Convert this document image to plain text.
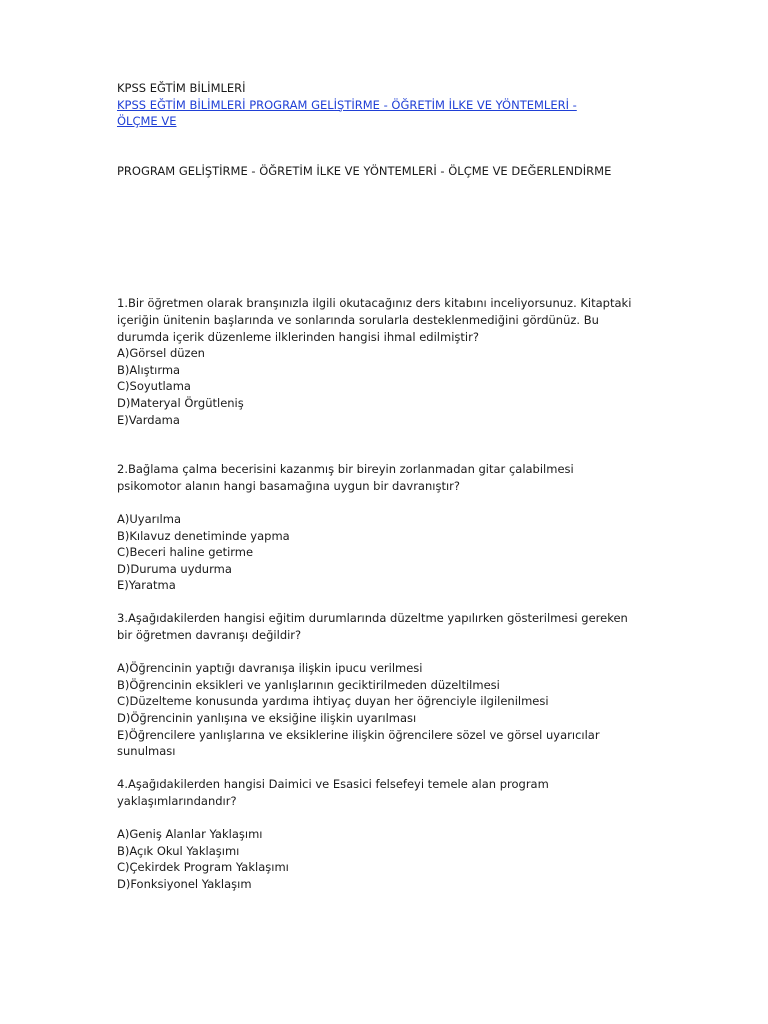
KPSS EĞTİM BİLİMLERİ
KPSS EĞTİM BİLİMLERİ PROGRAM GELİŞTİRME - ÖĞRETİM İLKE VE YÖNTEMLERİ -
ÖLÇME VE
PROGRAM GELİŞTİRME - ÖĞRETİM İLKE VE YÖNTEMLERİ - ÖLÇME VE DEĞERLENDİRME
1.Bir öğretmen olarak branşınızla ilgili okutacağınız ders kitabını inceliyorsunuz. Kitaptaki
içeriğin ünitenin başlarında ve sonlarında sorularla desteklenmediğini gördünüz. Bu
durumda içerik düzenleme ilklerinden hangisi ihmal edilmiştir?
A)Görsel düzen
B)Alıştırma
C)Soyutlama
D)Materyal Örgütleniş
E)Vardama
2.Bağlama çalma becerisini kazanmış bir bireyin zorlanmadan gitar çalabilmesi
psikomotor alanın hangi basamağına uygun bir davranıştır?
A)Uyarılma
B)Kılavuz denetiminde yapma
C)Beceri haline getirme
D)Duruma uydurma
E)Yaratma
3.Aşağıdakilerden hangisi eğitim durumlarında düzeltme yapılırken gösterilmesi gereken
bir öğretmen davranışı değildir?
A)Öğrencinin yaptığı davranışa ilişkin ipucu verilmesi
B)Öğrencinin eksikleri ve yanlışlarının geciktirilmeden düzeltilmesi
C)Düzelteme konusunda yardıma ihtiyaç duyan her öğrenciyle ilgilenilmesi
D)Öğrencinin yanlışına ve eksiğine ilişkin uyarılması
E)Öğrencilere yanlışlarına ve eksiklerine ilişkin öğrencilere sözel ve görsel uyarıcılar
sunulması
4.Aşağıdakilerden hangisi Daimici ve Esasici felsefeyi temele alan program
yaklaşımlarındandır?
A)Geniş Alanlar Yaklaşımı
B)Açık Okul Yaklaşımı
C)Çekirdek Program Yaklaşımı
D)Fonksiyonel Yaklaşım
